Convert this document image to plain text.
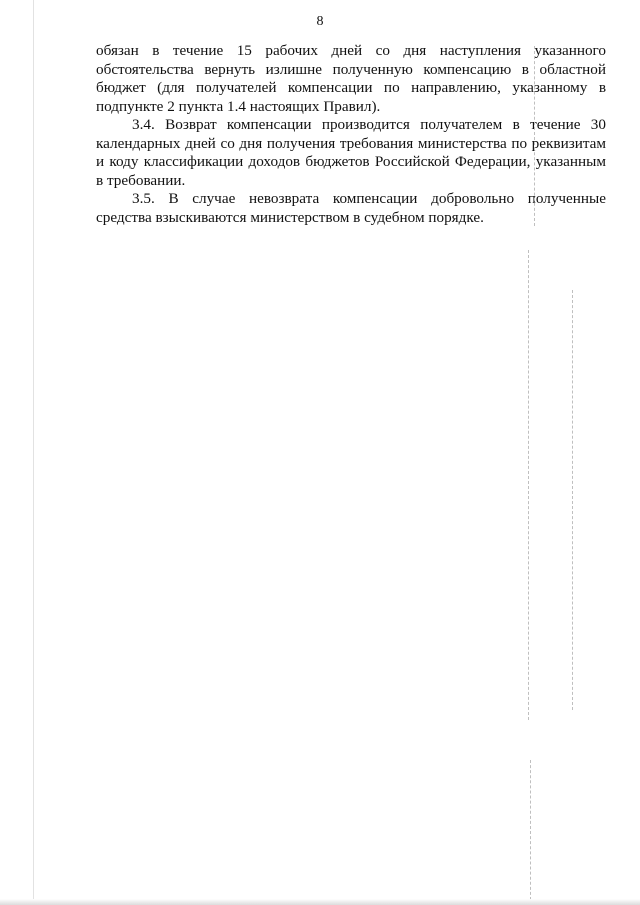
8

обязан в течение 15 рабочих дней со дня наступления указанного обстоятельства вернуть излишне полученную компенсацию в областной бюджет (для получателей компенсации по направлению, указанному в подпункте 2 пункта 1.4 настоящих Правил).

3.4. Возврат компенсации производится получателем в течение 30 календарных дней со дня получения требования министерства по реквизитам и коду классификации доходов бюджетов Российской Федерации, указанным в требовании.

3.5. В случае невозврата компенсации добровольно полученные средства взыскиваются министерством в судебном порядке.
